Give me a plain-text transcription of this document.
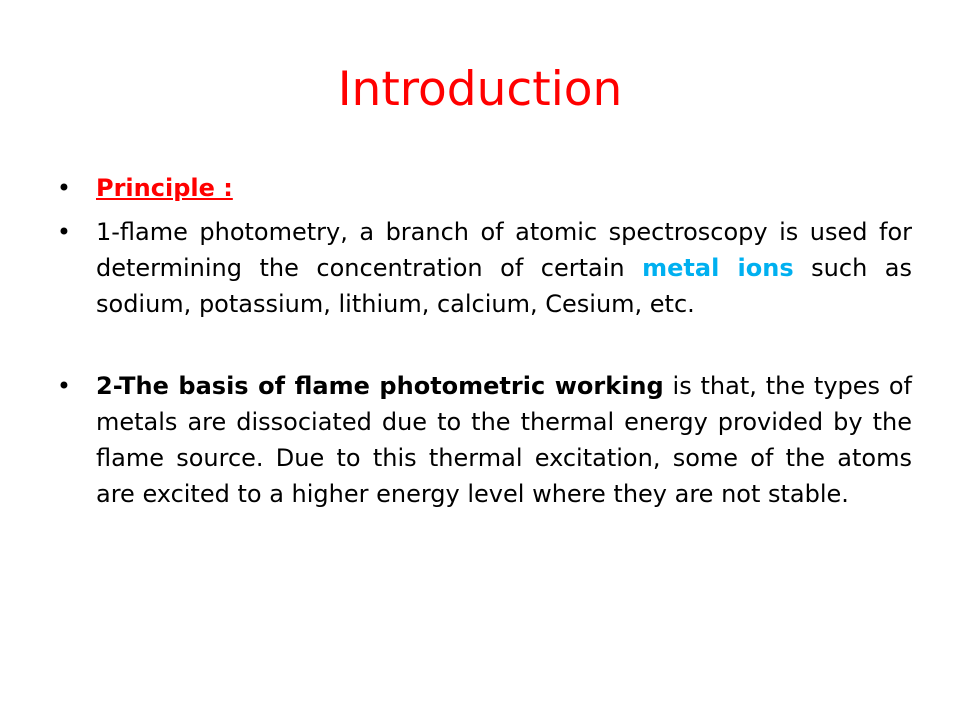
Introduction
• Principle :
• 1-flame photometry, a branch of atomic spectroscopy is used for determining the concentration of certain metal ions such as sodium, potassium, lithium, calcium, Cesium, etc.
• 2-The basis of flame photometric working is that, the types of metals are dissociated due to the thermal energy provided by the flame source. Due to this thermal excitation, some of the atoms are excited to a higher energy level where they are not stable.
